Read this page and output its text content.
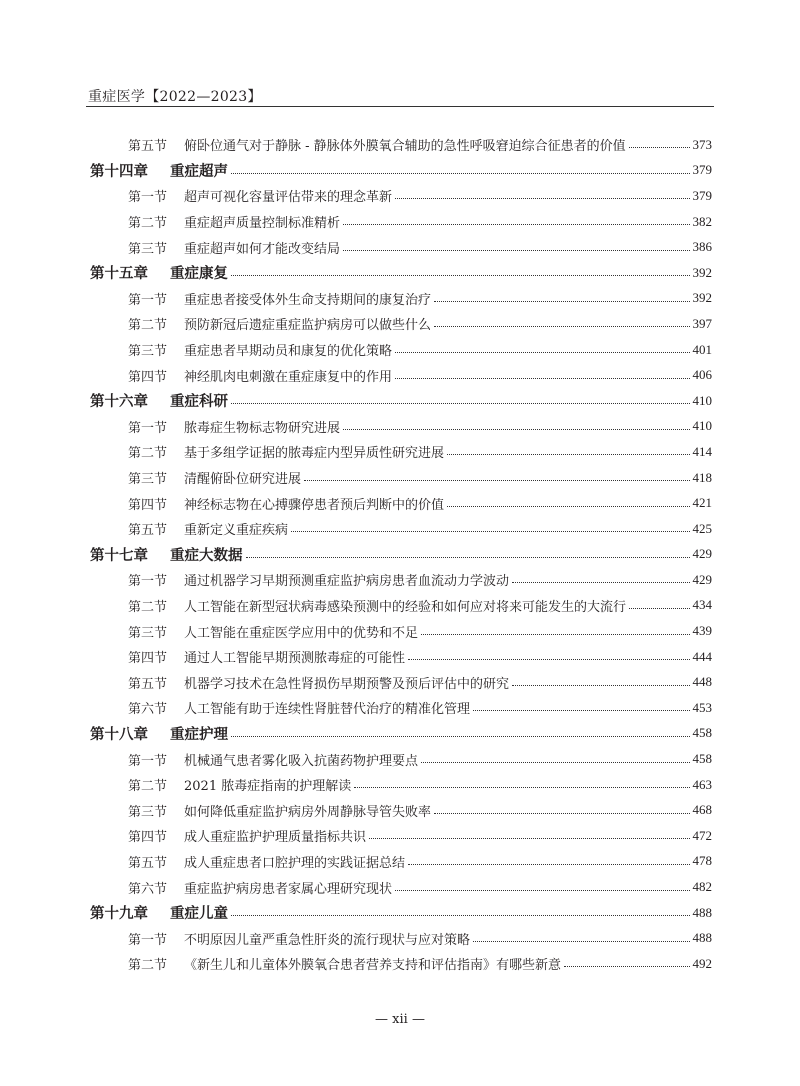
重症医学【2022—2023】
第五节	俯卧位通气对于静脉 - 静脉体外膜氧合辅助的急性呼吸窘迫综合征患者的价值	373
第十四章	重症超声	379
第一节	超声可视化容量评估带来的理念革新	379
第二节	重症超声质量控制标准精析	382
第三节	重症超声如何才能改变结局	386
第十五章	重症康复	392
第一节	重症患者接受体外生命支持期间的康复治疗	392
第二节	预防新冠后遗症重症监护病房可以做些什么	397
第三节	重症患者早期动员和康复的优化策略	401
第四节	神经肌肉电刺激在重症康复中的作用	406
第十六章	重症科研	410
第一节	脓毒症生物标志物研究进展	410
第二节	基于多组学证据的脓毒症内型异质性研究进展	414
第三节	清醒俯卧位研究进展	418
第四节	神经标志物在心搏骤停患者预后判断中的价值	421
第五节	重新定义重症疾病	425
第十七章	重症大数据	429
第一节	通过机器学习早期预测重症监护病房患者血流动力学波动	429
第二节	人工智能在新型冠状病毒感染预测中的经验和如何应对将来可能发生的大流行	434
第三节	人工智能在重症医学应用中的优势和不足	439
第四节	通过人工智能早期预测脓毒症的可能性	444
第五节	机器学习技术在急性肾损伤早期预警及预后评估中的研究	448
第六节	人工智能有助于连续性肾脏替代治疗的精准化管理	453
第十八章	重症护理	458
第一节	机械通气患者雾化吸入抗菌药物护理要点	458
第二节	2021 脓毒症指南的护理解读	463
第三节	如何降低重症监护病房外周静脉导管失败率	468
第四节	成人重症监护护理质量指标共识	472
第五节	成人重症患者口腔护理的实践证据总结	478
第六节	重症监护病房患者家属心理研究现状	482
第十九章	重症儿童	488
第一节	不明原因儿童严重急性肝炎的流行现状与应对策略	488
第二节	《新生儿和儿童体外膜氧合患者营养支持和评估指南》有哪些新意	492
— xii —
